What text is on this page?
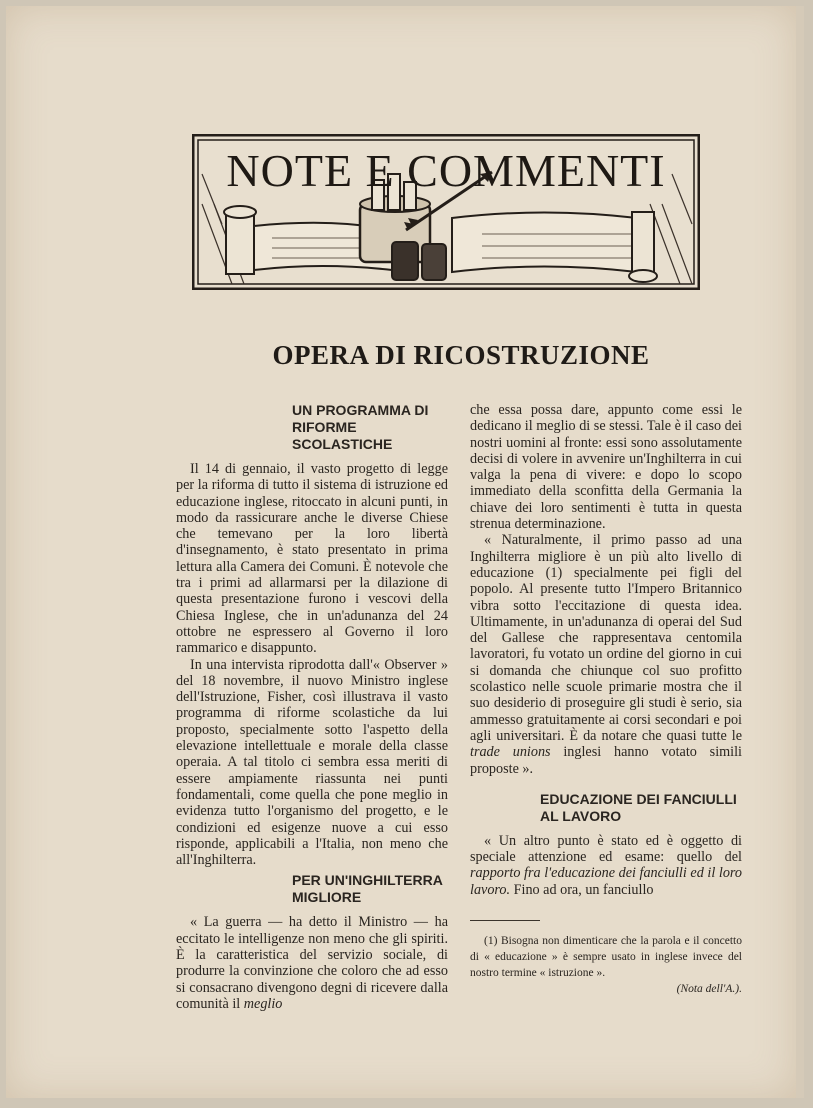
NOTE E COMMENTI
OPERA DI RICOSTRUZIONE
UN PROGRAMMA DI RIFORME SCOLASTICHE

Il 14 di gennaio, il vasto progetto di legge per la riforma di tutto il sistema di istruzione ed educazione inglese, ritoccato in alcuni punti, in modo da rassicurare anche le diverse Chiese che temevano per la loro libertà d'insegnamento, è stato presentato in prima lettura alla Camera dei Comuni. È notevole che tra i primi ad allarmarsi per la dilazione di questa presentazione furono i vescovi della Chiesa Inglese, che in un'adunanza del 24 ottobre ne espressero al Governo il loro rammarico e disappunto.

In una intervista riprodotta dall'« Observer » del 18 novembre, il nuovo Ministro inglese dell'Istruzione, Fisher, così illustrava il vasto programma di riforme scolastiche da lui proposto, specialmente sotto l'aspetto della elevazione intellettuale e morale della classe operaia. A tal titolo ci sembra essa meriti di essere ampiamente riassunta nei punti fondamentali, come quella che pone meglio in evidenza tutto l'organismo del progetto, e le condizioni ed esigenze nuove a cui esso risponde, applicabili a l'Italia, non meno che all'Inghilterra.

PER UN'INGHILTERRA MIGLIORE

« La guerra — ha detto il Ministro — ha eccitato le intelligenze non meno che gli spiriti. È la caratteristica del servizio sociale, di produrre la convinzione che coloro che ad esso si consacrano divengono degni di ricevere dalla comunità il meglio

che essa possa dare, appunto come essi le dedicano il meglio di se stessi. Tale è il caso dei nostri uomini al fronte: essi sono assolutamente decisi di volere in avvenire un'Inghilterra in cui valga la pena di vivere: e dopo lo scopo immediato della sconfitta della Germania la chiave dei loro sentimenti è tutta in questa strenua determinazione.

« Naturalmente, il primo passo ad una Inghilterra migliore è un più alto livello di educazione (1) specialmente pei figli del popolo. Al presente tutto l'Impero Britannico vibra sotto l'eccitazione di questa idea. Ultimamente, in un'adunanza di operai del Sud del Gallese che rappresentava centomila lavoratori, fu votato un ordine del giorno in cui si domanda che chiunque col suo profitto scolastico nelle scuole primarie mostra che il suo desiderio di proseguire gli studi è serio, sia ammesso gratuitamente ai corsi secondari e poi agli universitari. È da notare che quasi tutte le trade unions inglesi hanno votato simili proposte ».

EDUCAZIONE DEI FANCIULLI AL LAVORO

« Un altro punto è stato ed è oggetto di speciale attenzione ed esame: quello del rapporto fra l'educazione dei fanciulli ed il loro lavoro. Fino ad ora, un fanciullo

(1) Bisogna non dimenticare che la parola e il concetto di « educazione » è sempre usato in inglese invece del nostro termine « istruzione ».
(Nota dell'A.).
